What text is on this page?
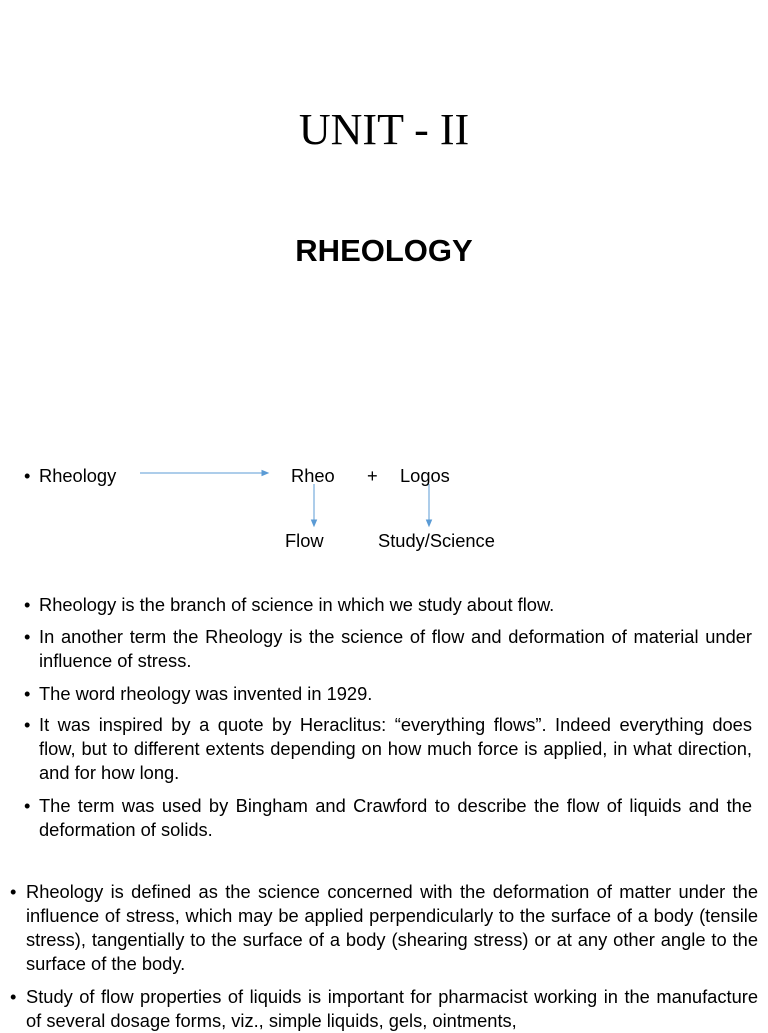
UNIT - II
RHEOLOGY
• Rheology	Rheo + Logos
Flow	Study/Science
• Rheology is the branch of science in which we study about flow.
• In another term the Rheology is the science of flow and deformation of material under influence of stress.
• The word rheology was invented in 1929.
• It was inspired by a quote by Heraclitus: “everything flows”. Indeed everything does flow, but to different extents depending on how much force is applied, in what direction, and for how long.
• The term was used by Bingham and Crawford to describe the flow of liquids and the deformation of solids.
• Rheology is defined as the science concerned with the deformation of matter under the influence of stress, which may be applied perpendicularly to the surface of a body (tensile stress), tangentially to the surface of a body (shearing stress) or at any other angle to the surface of the body.
• Study of flow properties of liquids is important for pharmacist working in the manufacture of several dosage forms, viz., simple liquids, gels, ointments,
